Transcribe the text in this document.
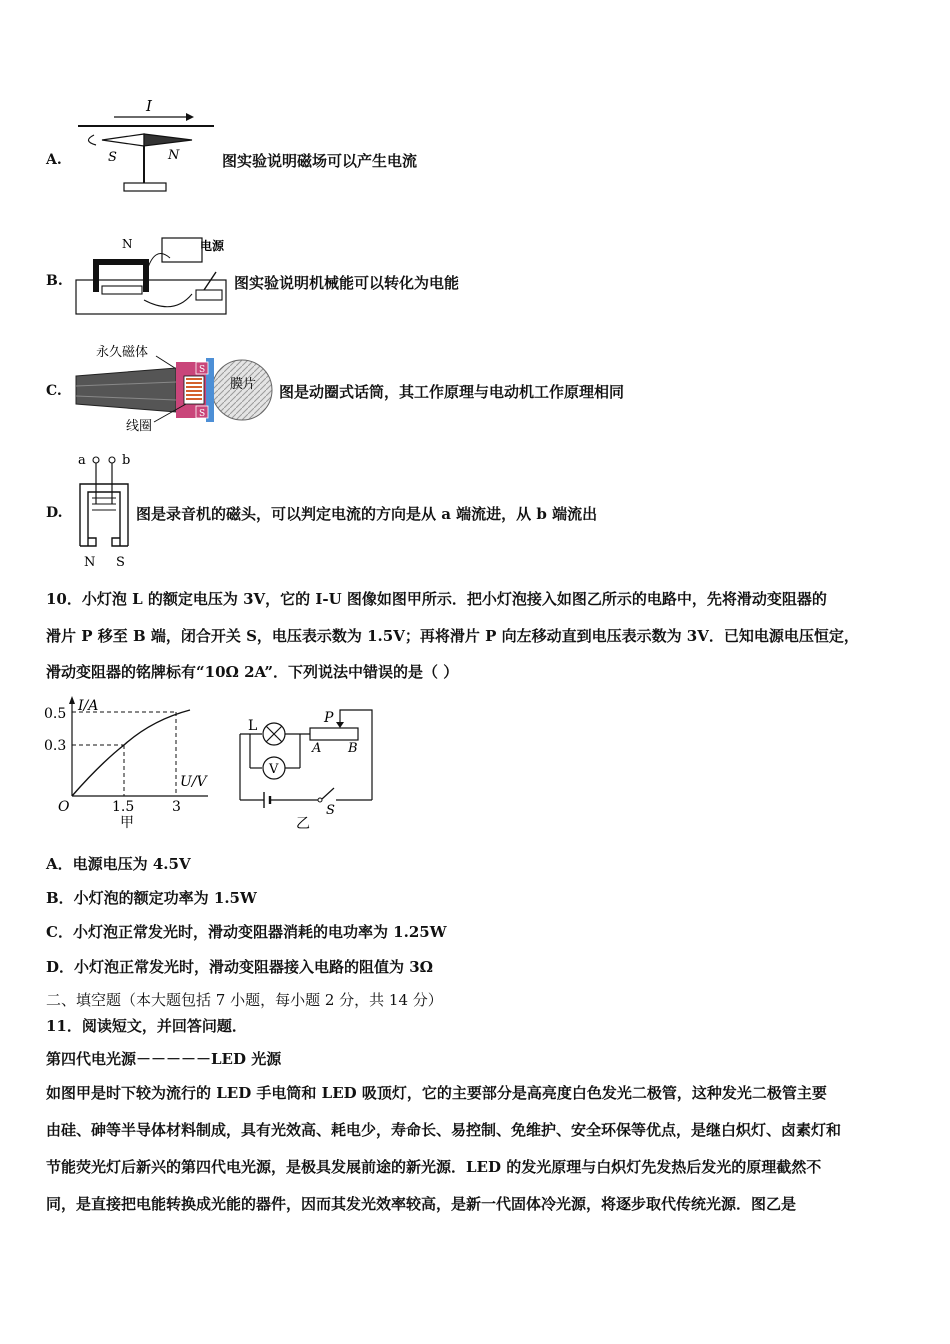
A.
I
S	N	图实验说明磁场可以产生电流
B.
N	电源
图实验说明机械能可以转化为电能
C.
永久磁体
S
S
膜片
线圈
图是动圈式话筒，其工作原理与电动机工作原理相同
D.
a	b
N S
图是录音机的磁头，可以判定电流的方向是从 a 端流进，从 b 端流出
10．小灯泡 L 的额定电压为 3V，它的 I-U 图像如图甲所示．把小灯泡接入如图乙所示的电路中，先将滑动变阻器的
滑片 P 移至 B 端，闭合开关 S，电压表示数为 1.5V；再将滑片 P 向左移动直到电压表示数为 3V．已知电源电压恒定，
滑动变阻器的铭牌标有“10Ω 2A”．下列说法中错误的是（ ）
I/A
U/V
0.5
0.3
1.5	3
O
甲
L
A B
P
V
S
乙
A．电源电压为 4.5V
B．小灯泡的额定功率为 1.5W
C．小灯泡正常发光时，滑动变阻器消耗的电功率为 1.25W
D．小灯泡正常发光时，滑动变阻器接入电路的阻值为 3Ω
二、填空题（本大题包括 7 小题，每小题 2 分，共 14 分）
11．阅读短文，并回答问题．
第四代电光源－－－－－LED 光源
如图甲是时下较为流行的 LED 手电筒和 LED 吸顶灯，它的主要部分是高亮度白色发光二极管，这种发光二极管主要
由硅、砷等半导体材料制成，具有光效高、耗电少，寿命长、易控制、免维护、安全环保等优点，是继白炽灯、卤素灯和
节能荧光灯后新兴的第四代电光源，是极具发展前途的新光源．LED 的发光原理与白炽灯先发热后发光的原理截然不
同，是直接把电能转换成光能的器件，因而其发光效率较高，是新一代固体冷光源，将逐步取代传统光源．图乙是
